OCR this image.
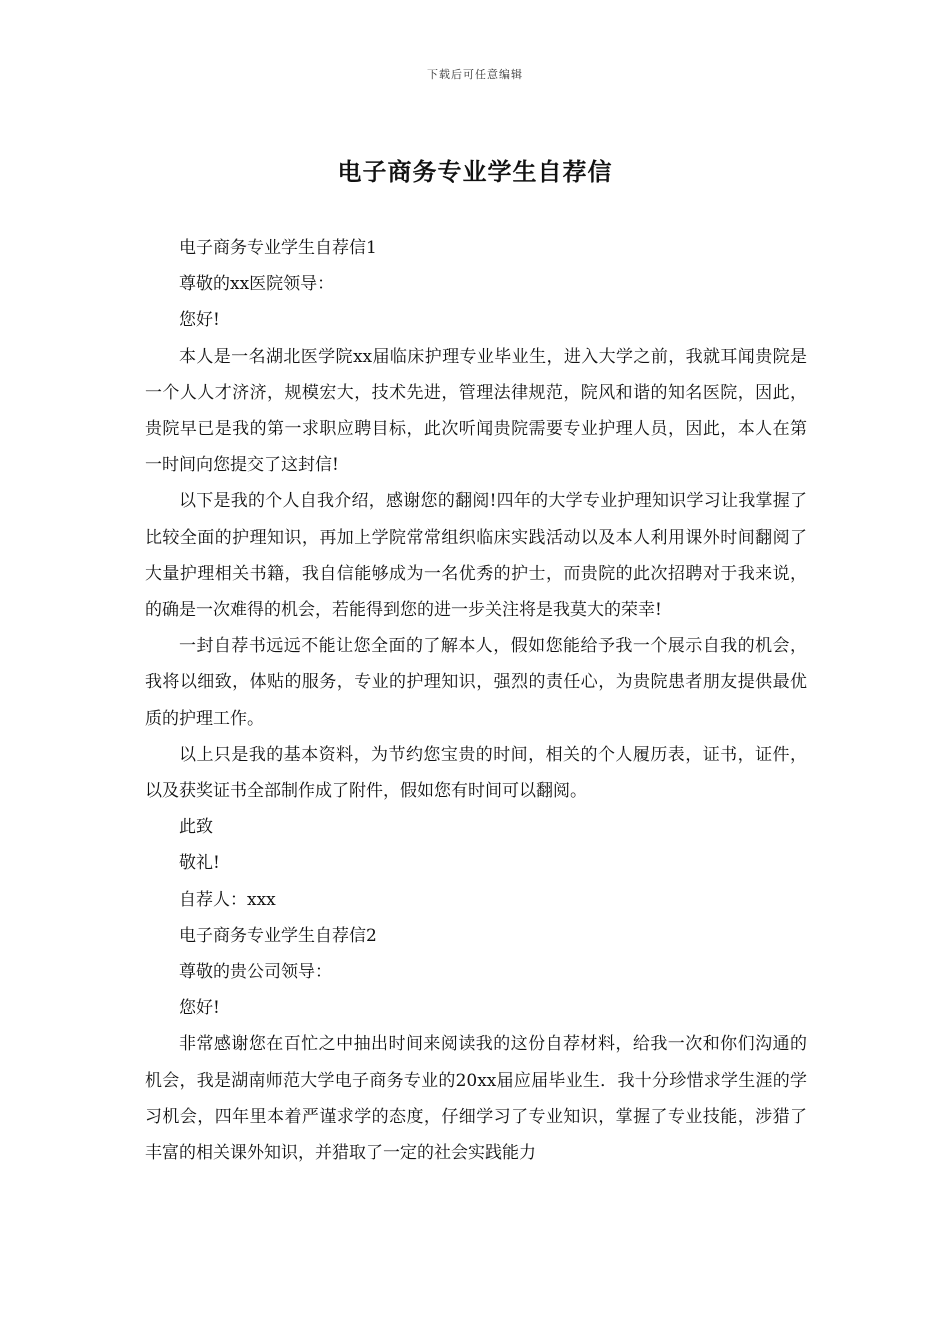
下载后可任意编辑
电子商务专业学生自荐信

电子商务专业学生自荐信1

尊敬的xx医院领导：

您好!

本人是一名湖北医学院xx届临床护理专业毕业生，进入大学之前，我就耳闻贵院是一个人人才济济，规模宏大，技术先进，管理法律规范，院风和谐的知名医院，因此，贵院早已是我的第一求职应聘目标，此次听闻贵院需要专业护理人员，因此，本人在第一时间向您提交了这封信!

以下是我的个人自我介绍，感谢您的翻阅!四年的大学专业护理知识学习让我掌握了比较全面的护理知识，再加上学院常常组织临床实践活动以及本人利用课外时间翻阅了大量护理相关书籍，我自信能够成为一名优秀的护士，而贵院的此次招聘对于我来说，的确是一次难得的机会，若能得到您的进一步关注将是我莫大的荣幸!

一封自荐书远远不能让您全面的了解本人，假如您能给予我一个展示自我的机会，我将以细致，体贴的服务，专业的护理知识，强烈的责任心，为贵院患者朋友提供最优质的护理工作。

以上只是我的基本资料，为节约您宝贵的时间，相关的个人履历表，证书，证件，以及获奖证书全部制作成了附件，假如您有时间可以翻阅。

此致

敬礼!

自荐人：xxx

电子商务专业学生自荐信2

尊敬的贵公司领导：

您好!

非常感谢您在百忙之中抽出时间来阅读我的这份自荐材料，给我一次和你们沟通的机会，我是湖南师范大学电子商务专业的20xx届应届毕业生．我十分珍惜求学生涯的学习机会，四年里本着严谨求学的态度，仔细学习了专业知识，掌握了专业技能，涉猎了丰富的相关课外知识，并猎取了一定的社会实践能力
